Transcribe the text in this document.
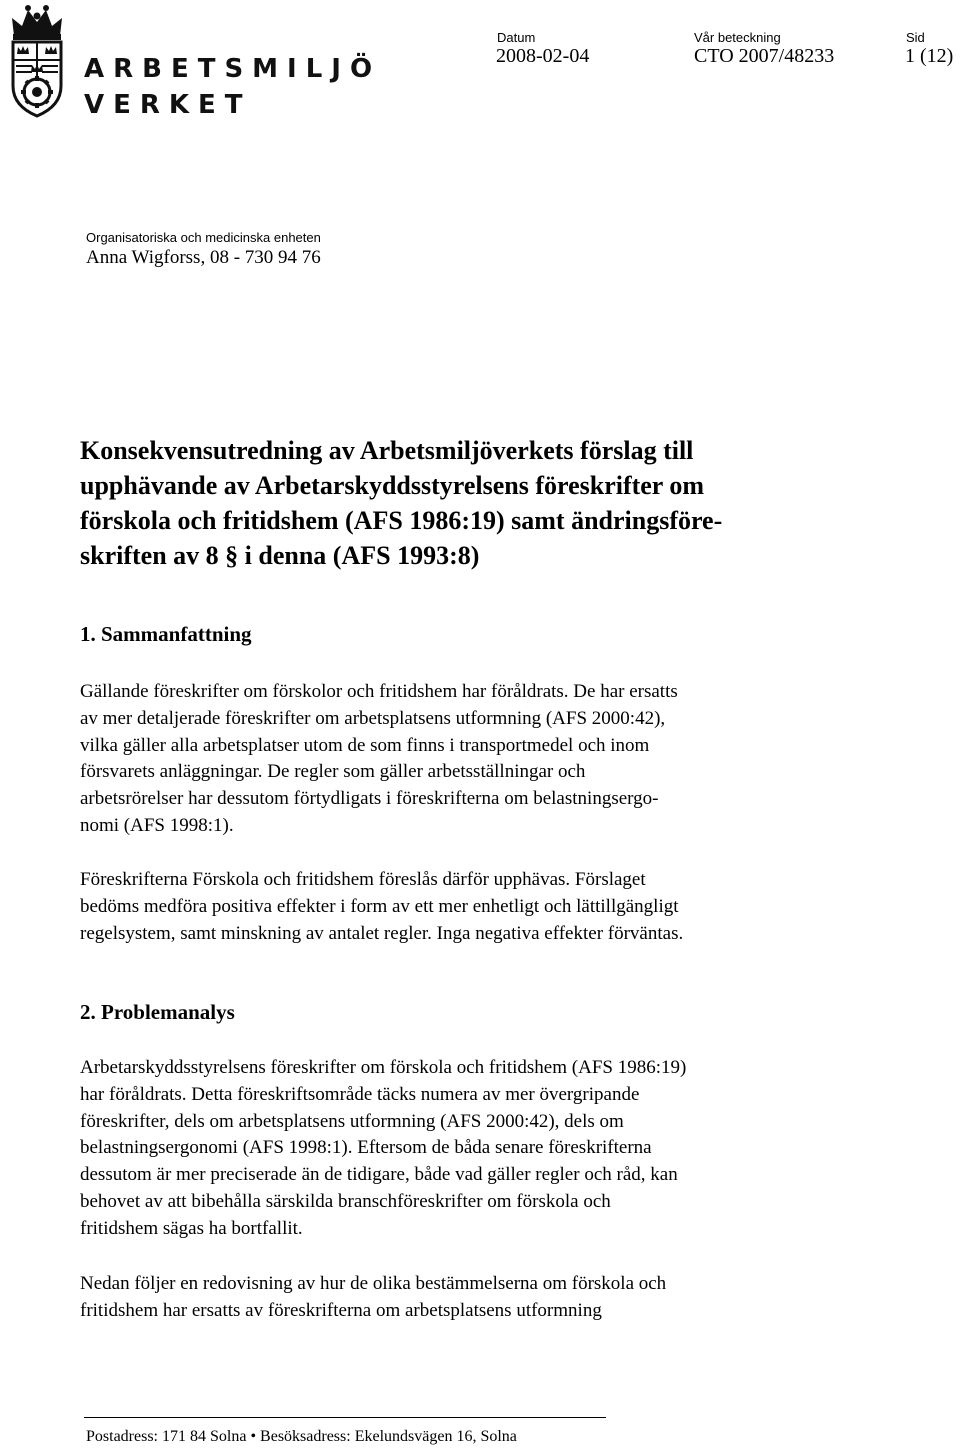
ARBETSMILJÖ
VERKET
Datum
2008-02-04
Vår beteckning
CTO 2007/48233
Sid
1 (12)
Organisatoriska och medicinska enheten
Anna Wigforss, 08 - 730 94 76
Konsekvensutredning av Arbetsmiljöverkets förslag till
upphävande av Arbetarskyddsstyrelsens föreskrifter om
förskola och fritidshem (AFS 1986:19) samt ändringsföre-
skriften av 8 § i denna (AFS 1993:8)
1. Sammanfattning
Gällande föreskrifter om förskolor och fritidshem har föråldrats. De har ersatts
av mer detaljerade föreskrifter om arbetsplatsens utformning (AFS 2000:42),
vilka gäller alla arbetsplatser utom de som finns i transportmedel och inom
försvarets anläggningar. De regler som gäller arbetsställningar och
arbetsrörelser har dessutom förtydligats i föreskrifterna om belastningsergo-
nomi (AFS 1998:1).
Föreskrifterna Förskola och fritidshem föreslås därför upphävas. Förslaget
bedöms medföra positiva effekter i form av ett mer enhetligt och lättillgängligt
regelsystem, samt minskning av antalet regler. Inga negativa effekter förväntas.
2. Problemanalys
Arbetarskyddsstyrelsens föreskrifter om förskola och fritidshem (AFS 1986:19)
har föråldrats. Detta föreskriftsområde täcks numera av mer övergripande
föreskrifter, dels om arbetsplatsens utformning (AFS 2000:42), dels om
belastningsergonomi (AFS 1998:1). Eftersom de båda senare föreskrifterna
dessutom är mer preciserade än de tidigare, både vad gäller regler och råd, kan
behovet av att bibehålla särskilda branschföreskrifter om förskola och
fritidshem sägas ha bortfallit.
Nedan följer en redovisning av hur de olika bestämmelserna om förskola och
fritidshem har ersatts av föreskrifterna om arbetsplatsens utformning
Postadress: 171 84 Solna • Besöksadress: Ekelundsvägen 16, Solna
